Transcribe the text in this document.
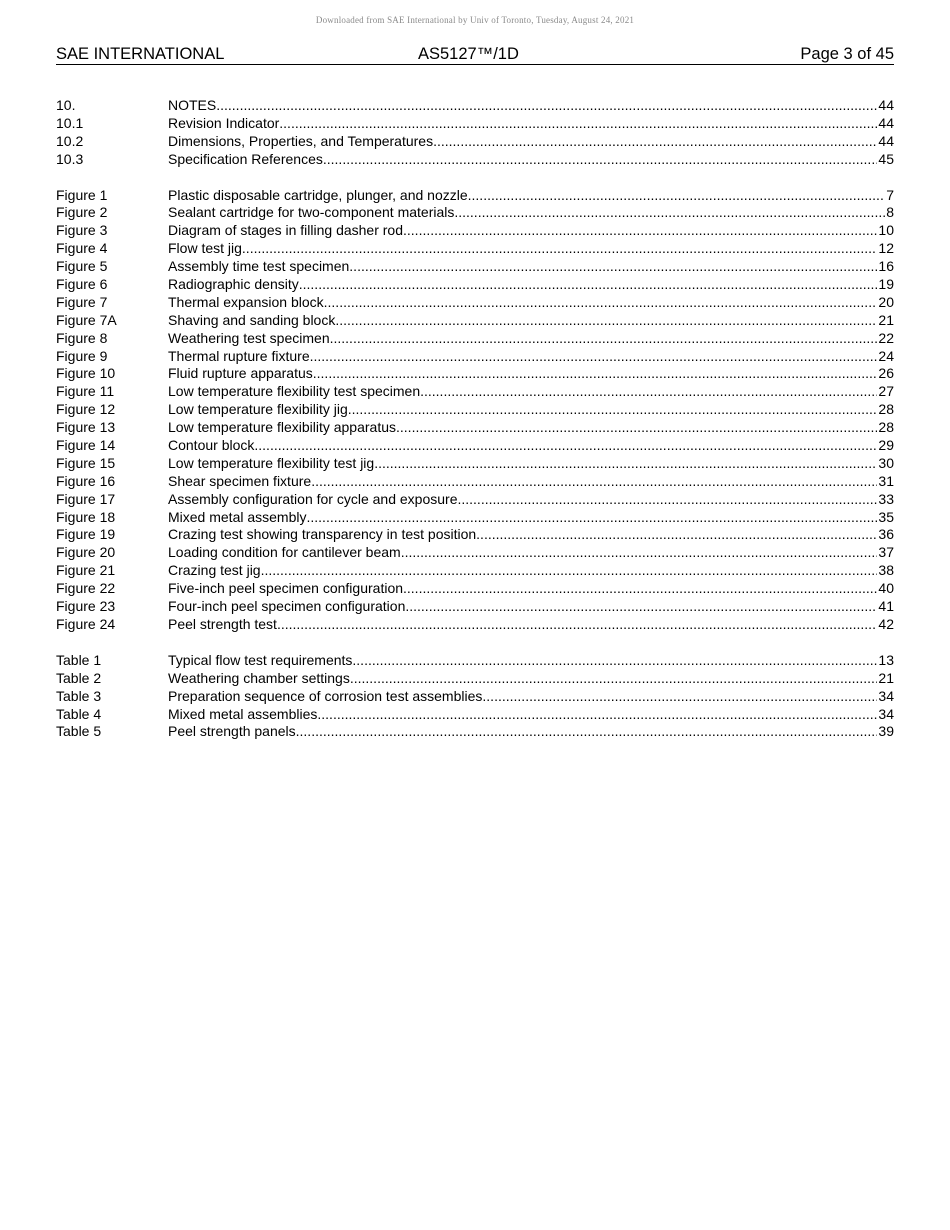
Downloaded from SAE International by Univ of Toronto, Tuesday, August 24, 2021
SAE INTERNATIONAL	AS5127™/1D	Page 3 of 45
10.	NOTES .....	44
10.1	Revision Indicator .....	44
10.2	Dimensions, Properties, and Temperatures .....	44
10.3	Specification References .....	45
Figure 1	Plastic disposable cartridge, plunger, and nozzle .....	7
Figure 2	Sealant cartridge for two-component materials .....	8
Figure 3	Diagram of stages in filling dasher rod .....	10
Figure 4	Flow test jig .....	12
Figure 5	Assembly time test specimen .....	16
Figure 6	Radiographic density .....	19
Figure 7	Thermal expansion block .....	20
Figure 7A	Shaving and sanding block .....	21
Figure 8	Weathering test specimen .....	22
Figure 9	Thermal rupture fixture .....	24
Figure 10	Fluid rupture apparatus .....	26
Figure 11	Low temperature flexibility test specimen .....	27
Figure 12	Low temperature flexibility jig .....	28
Figure 13	Low temperature flexibility apparatus .....	28
Figure 14	Contour block .....	29
Figure 15	Low temperature flexibility test jig .....	30
Figure 16	Shear specimen fixture .....	31
Figure 17	Assembly configuration for cycle and exposure .....	33
Figure 18	Mixed metal assembly .....	35
Figure 19	Crazing test showing transparency in test position .....	36
Figure 20	Loading condition for cantilever beam .....	37
Figure 21	Crazing test jig .....	38
Figure 22	Five-inch peel specimen configuration .....	40
Figure 23	Four-inch peel specimen configuration .....	41
Figure 24	Peel strength test .....	42
Table 1	Typical flow test requirements .....	13
Table 2	Weathering chamber settings .....	21
Table 3	Preparation sequence of corrosion test assemblies .....	34
Table 4	Mixed metal assemblies .....	34
Table 5	Peel strength panels .....	39
